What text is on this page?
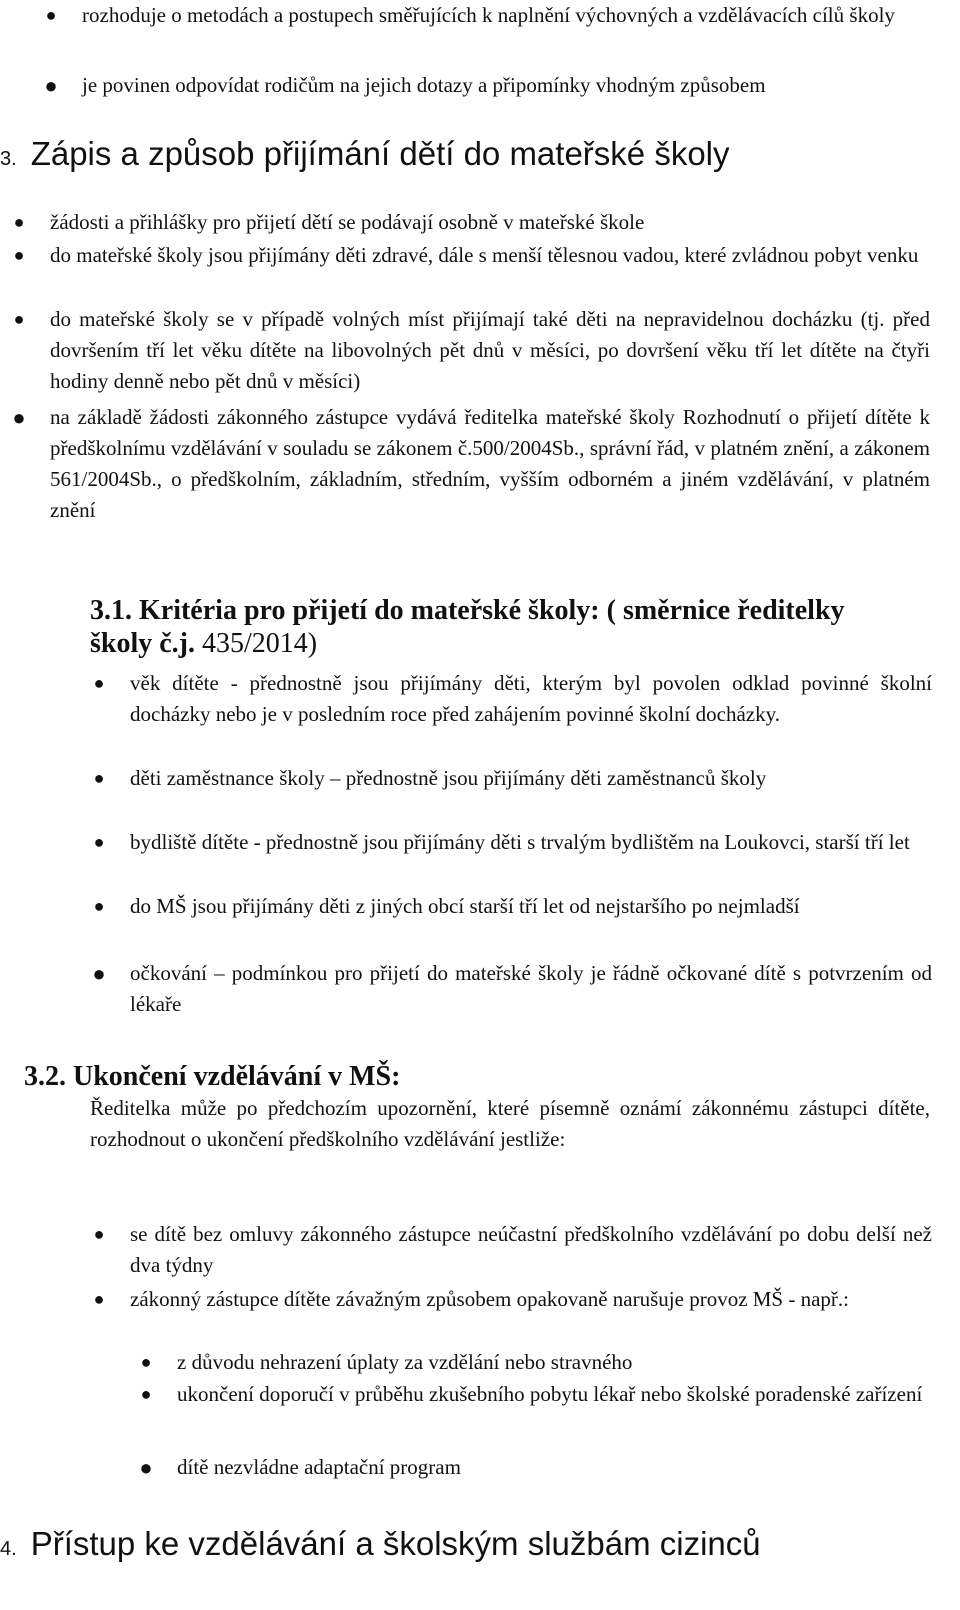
● rozhoduje o metodách a postupech směřujících k naplnění výchovných a vzdělávacích cílů školy

● je povinen odpovídat rodičům na jejich dotazy a připomínky vhodným způsobem

3. Zápis a způsob přijímání dětí do mateřské školy
● žádosti a přihlášky pro přijetí dětí se podávají osobně v mateřské škole

● do mateřské školy jsou přijímány děti zdravé, dále s menší tělesnou vadou, které zvládnou pobyt venku

● do mateřské školy se v případě volných míst přijímají také děti na nepravidelnou docházku (tj. před dovršením tří let věku dítěte na libovolných pět dnů v měsíci, po dovršení věku tří let dítěte na čtyři hodiny denně nebo pět dnů v měsíci)

● na základě žádosti zákonného zástupce vydává ředitelka mateřské školy Rozhodnutí o přijetí dítěte k předškolnímu vzdělávání v souladu se zákonem č.500/2004Sb., správní řád, v platném znění, a zákonem 561/2004Sb., o předškolním, základním, středním, vyšším odborném a jiném vzdělávání, v platném znění

3.1. Kritéria pro přijetí do mateřské školy: ( směrnice ředitelky školy č.j. 435/2014)
● věk dítěte - přednostně jsou přijímány děti, kterým byl povolen odklad povinné školní docházky nebo je v posledním roce před zahájením povinné školní docházky.

● děti zaměstnance školy – přednostně jsou přijímány děti zaměstnanců školy

● bydliště dítěte - přednostně jsou přijímány děti s trvalým bydlištěm na Loukovci, starší tří let

● do MŠ jsou přijímány děti z jiných obcí starší tří let od nejstaršího po nejmladší

● očkování – podmínkou pro přijetí do mateřské školy je řádně očkované dítě s potvrzením od lékaře

3.2. Ukončení vzdělávání v MŠ:
Ředitelka může po předchozím upozornění, které písemně oznámí zákonnému zástupci dítěte, rozhodnout o ukončení předškolního vzdělávání jestliže:
● se dítě bez omluvy zákonného zástupce neúčastní předškolního vzdělávání po dobu delší než dva týdny

● zákonný zástupce dítěte závažným způsobem opakovaně narušuje provoz MŠ - např.:

● z důvodu nehrazení úplaty za vzdělání nebo stravného

● ukončení doporučí v průběhu zkušebního pobytu lékař nebo školské poradenské zařízení

● dítě nezvládne adaptační program

4. Přístup ke vzdělávání a školským službám cizinců
